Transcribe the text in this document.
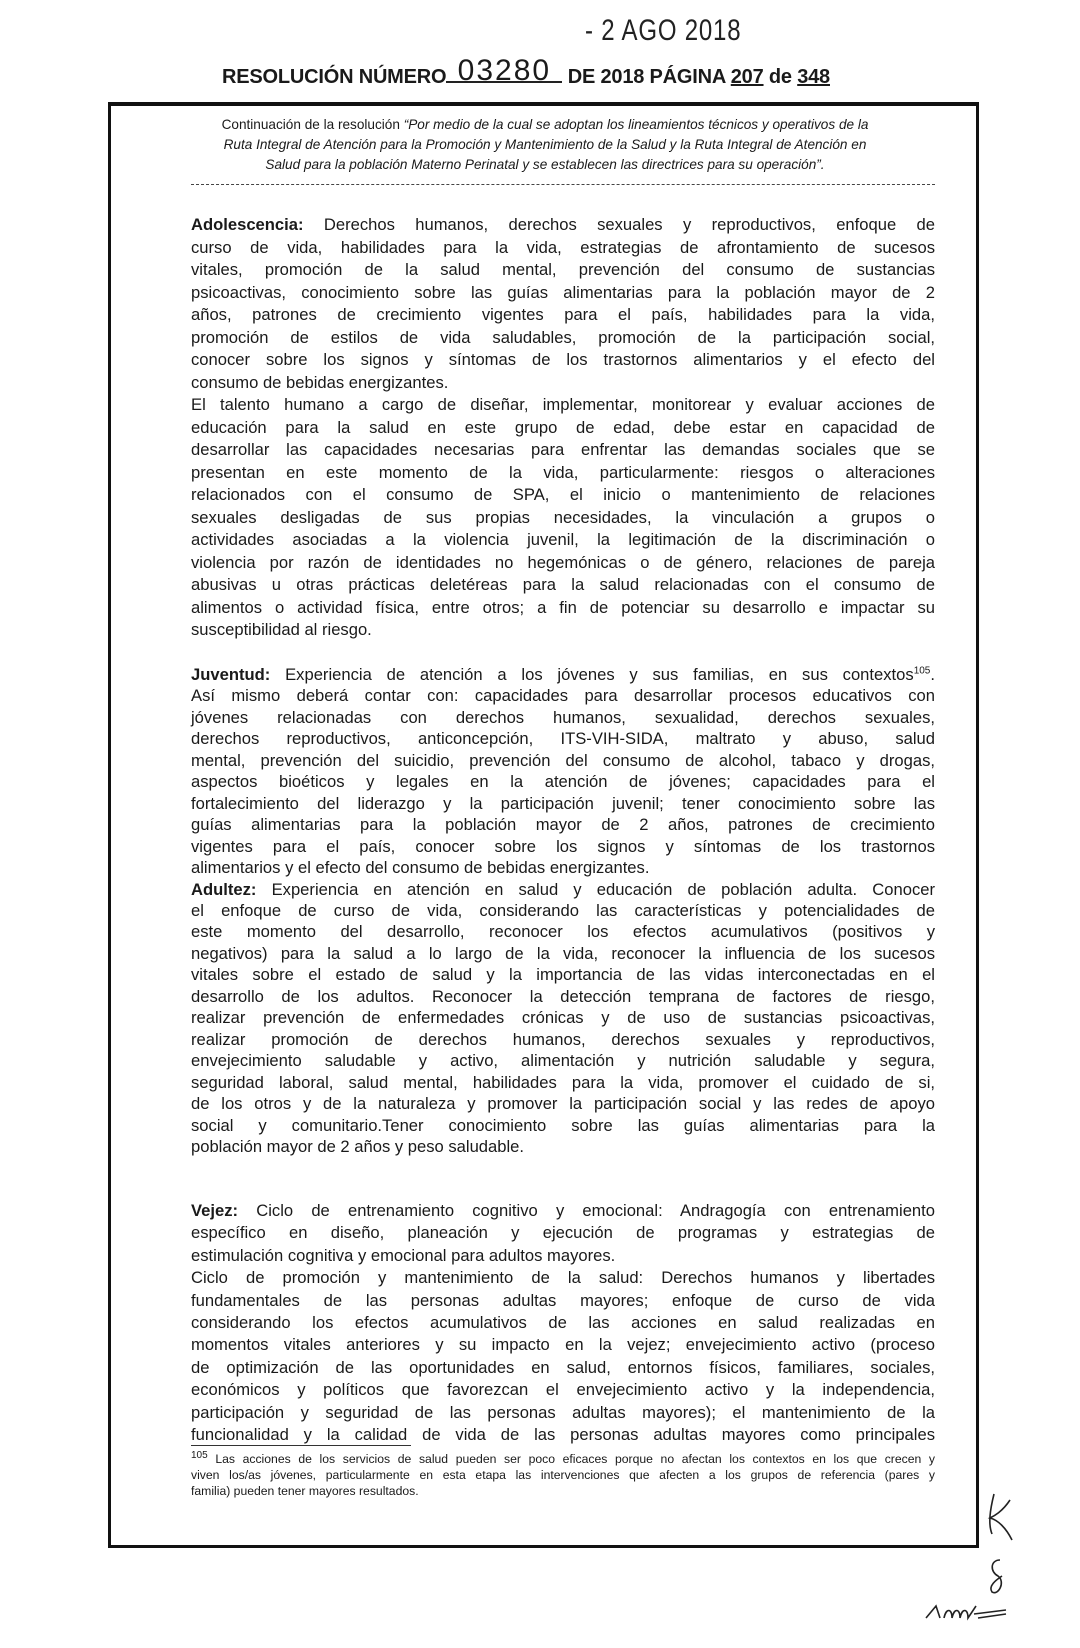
- 2 AGO 2018
RESOLUCIÓN NÚMERO 03280 DE 2018 PÁGINA 207 de 348
Continuación de la resolución “Por medio de la cual se adoptan los lineamientos técnicos y operativos de la
Ruta Integral de Atención para la Promoción y Mantenimiento de la Salud y la Ruta Integral de Atención en
Salud para la población Materno Perinatal y se establecen las directrices para su operación”.
Adolescencia: Derechos humanos, derechos sexuales y reproductivos, enfoque de
curso de vida, habilidades para la vida, estrategias de afrontamiento de sucesos
vitales, promoción de la salud mental, prevención del consumo de sustancias
psicoactivas, conocimiento sobre las guías alimentarias para la población mayor de 2
años, patrones de crecimiento vigentes para el país, habilidades para la vida,
promoción de estilos de vida saludables, promoción de la participación social,
conocer sobre los signos y síntomas de los trastornos alimentarios y el efecto del
consumo de bebidas energizantes.
El talento humano a cargo de diseñar, implementar, monitorear y evaluar acciones de
educación para la salud en este grupo de edad, debe estar en capacidad de
desarrollar las capacidades necesarias para enfrentar las demandas sociales que se
presentan en este momento de la vida, particularmente: riesgos o alteraciones
relacionados con el consumo de SPA, el inicio o mantenimiento de relaciones
sexuales desligadas de sus propias necesidades, la vinculación a grupos o
actividades asociadas a la violencia juvenil, la legitimación de la discriminación o
violencia por razón de identidades no hegemónicas o de género, relaciones de pareja
abusivas u otras prácticas deletéreas para la salud relacionadas con el consumo de
alimentos o actividad física, entre otros; a fin de potenciar su desarrollo e impactar su
susceptibilidad al riesgo.
Juventud: Experiencia de atención a los jóvenes y sus familias, en sus contextos$^{105}$.
Así mismo deberá contar con: capacidades para desarrollar procesos educativos con
jóvenes relacionadas con derechos humanos, sexualidad, derechos sexuales,
derechos reproductivos, anticoncepción, ITS-VIH-SIDA, maltrato y abuso, salud
mental, prevención del suicidio, prevención del consumo de alcohol, tabaco y drogas,
aspectos bioéticos y legales en la atención de jóvenes; capacidades para el
fortalecimiento del liderazgo y la participación juvenil; tener conocimiento sobre las
guías alimentarias para la población mayor de 2 años, patrones de crecimiento
vigentes para el país, conocer sobre los signos y síntomas de los trastornos
alimentarios y el efecto del consumo de bebidas energizantes.
Adultez: Experiencia en atención en salud y educación de población adulta. Conocer
el enfoque de curso de vida, considerando las características y potencialidades de
este momento del desarrollo, reconocer los efectos acumulativos (positivos y
negativos) para la salud a lo largo de la vida, reconocer la influencia de los sucesos
vitales sobre el estado de salud y la importancia de las vidas interconectadas en el
desarrollo de los adultos. Reconocer la detección temprana de factores de riesgo,
realizar prevención de enfermedades crónicas y de uso de sustancias psicoactivas,
realizar promoción de derechos humanos, derechos sexuales y reproductivos,
envejecimiento saludable y activo, alimentación y nutrición saludable y segura,
seguridad laboral, salud mental, habilidades para la vida, promover el cuidado de si,
de los otros y de la naturaleza y promover la participación social y las redes de apoyo
social y comunitario.Tener conocimiento sobre las guías alimentarias para la
población mayor de 2 años y peso saludable.
Vejez: Ciclo de entrenamiento cognitivo y emocional: Andragogía con entrenamiento
específico en diseño, planeación y ejecución de programas y estrategias de
estimulación cognitiva y emocional para adultos mayores.
Ciclo de promoción y mantenimiento de la salud: Derechos humanos y libertades
fundamentales de las personas adultas mayores; enfoque de curso de vida
considerando los efectos acumulativos de las acciones en salud realizadas en
momentos vitales anteriores y su impacto en la vejez; envejecimiento activo (proceso
de optimización de las oportunidades en salud, entornos físicos, familiares, sociales,
económicos y políticos que favorezcan el envejecimiento activo y la independencia,
participación y seguridad de las personas adultas mayores); el mantenimiento de la
funcionalidad y la calidad de vida de las personas adultas mayores como principales
$^{105}$ Las acciones de los servicios de salud pueden ser poco eficaces porque no afectan los contextos en los que crecen y
viven los/as jóvenes, particularmente en esta etapa las intervenciones que afecten a los grupos de referencia (pares y
familia) pueden tener mayores resultados.
